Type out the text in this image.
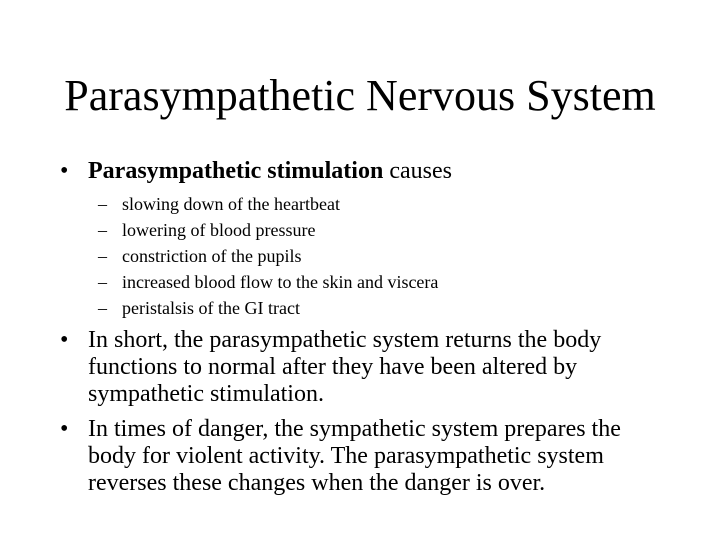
Parasympathetic Nervous System
• Parasympathetic stimulation causes
– slowing down of the heartbeat
– lowering of blood pressure
– constriction of the pupils
– increased blood flow to the skin and viscera
– peristalsis of the GI tract
• In short, the parasympathetic system returns the body functions to normal after they have been altered by sympathetic stimulation.
• In times of danger, the sympathetic system prepares the body for violent activity. The parasympathetic system reverses these changes when the danger is over.
